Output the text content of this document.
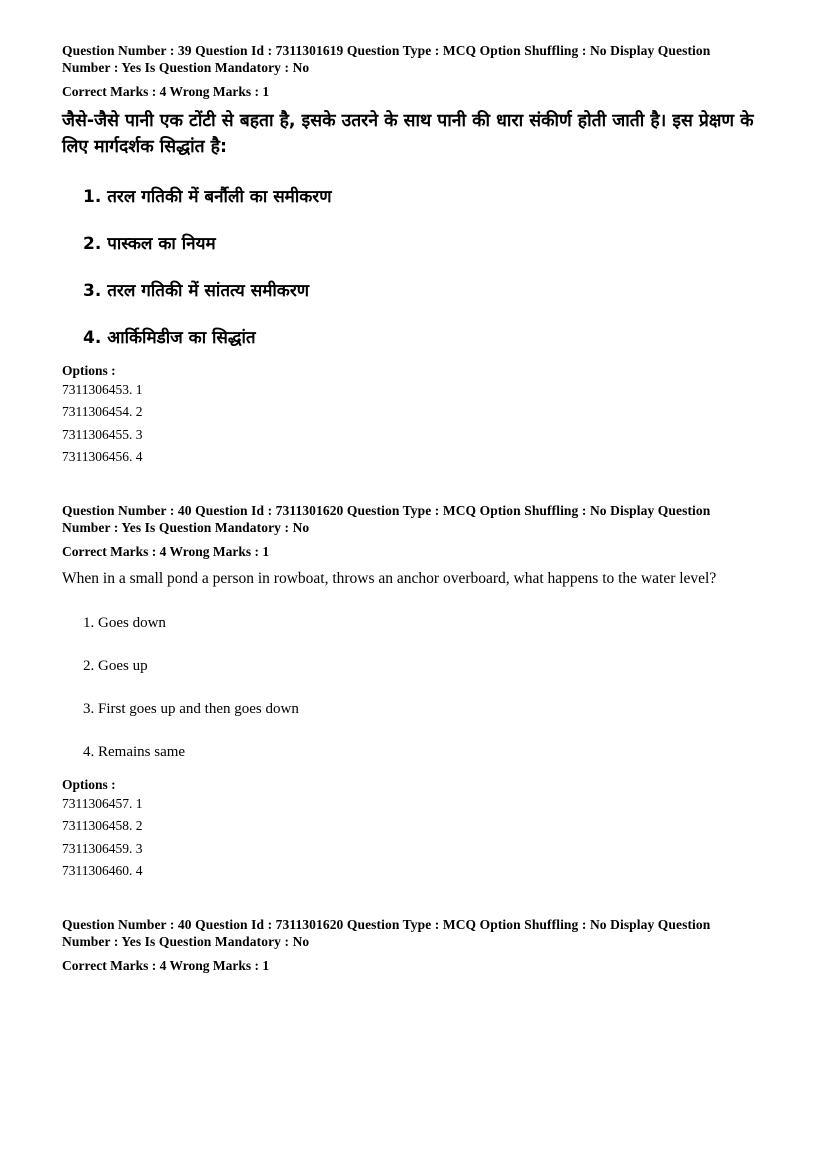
Question Number : 39 Question Id : 7311301619 Question Type : MCQ Option Shuffling : No Display Question Number : Yes Is Question Mandatory : No

Correct Marks : 4 Wrong Marks : 1

जैसे-जैसे पानी एक टोंटी से बहता है, इसके उतरने के साथ पानी की धारा संकीर्ण होती जाती है। इस प्रेक्षण के लिए मार्गदर्शक सिद्धांत है:

1. तरल गतिकी में बर्नौली का समीकरण

2. पास्कल का नियम

3. तरल गतिकी में सांतत्य समीकरण

4. आर्किमिडीज का सिद्धांत

Options :

7311306453. 1

7311306454. 2

7311306455. 3

7311306456. 4

Question Number : 40 Question Id : 7311301620 Question Type : MCQ Option Shuffling : No Display Question Number : Yes Is Question Mandatory : No

Correct Marks : 4 Wrong Marks : 1

When in a small pond a person in rowboat, throws an anchor overboard, what happens to the water level?

1. Goes down

2. Goes up

3. First goes up and then goes down

4. Remains same

Options :

7311306457. 1

7311306458. 2

7311306459. 3

7311306460. 4

Question Number : 40 Question Id : 7311301620 Question Type : MCQ Option Shuffling : No Display Question Number : Yes Is Question Mandatory : No

Correct Marks : 4 Wrong Marks : 1
